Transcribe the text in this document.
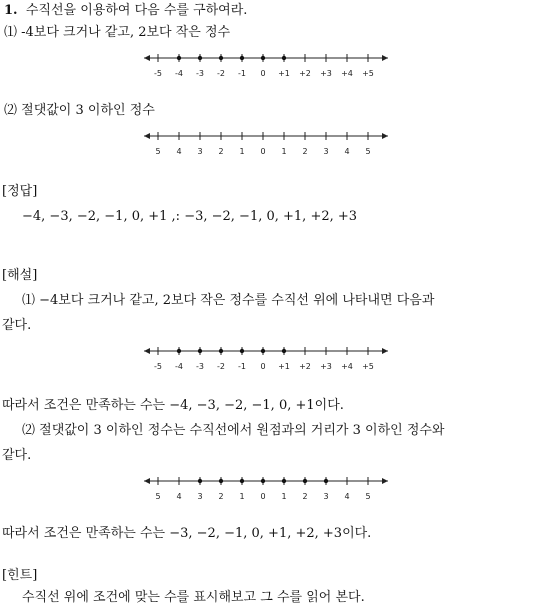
1. 수직선을 이용하여 다음 수를 구하여라.
⑴ -4보다 크거나 같고, 2보다 작은 정수
-5 -4 -3 -2 -1 0 +1 +2 +3 +4 +5
⑵ 절댓값이 3 이하인 정수
5 4 3 2 1 0 1 2 3 4 5
[정답]
−4, −3, −2, −1, 0, +1 ,: −3, −2, −1, 0, +1, +2, +3
[해설]
⑴ −4보다 크거나 같고, 2보다 작은 정수를 수직선 위에 나타내면 다음과
같다.
-5 -4 -3 -2 -1 0 +1 +2 +3 +4 +5
따라서 조건은 만족하는 수는 −4, −3, −2, −1, 0, +1이다.
⑵ 절댓값이 3 이하인 정수는 수직선에서 원점과의 거리가 3 이하인 정수와
같다.
5 4 3 2 1 0 1 2 3 4 5
따라서 조건은 만족하는 수는 −3, −2, −1, 0, +1, +2, +3이다.
[힌트]
수직선 위에 조건에 맞는 수를 표시해보고 그 수를 읽어 본다.
